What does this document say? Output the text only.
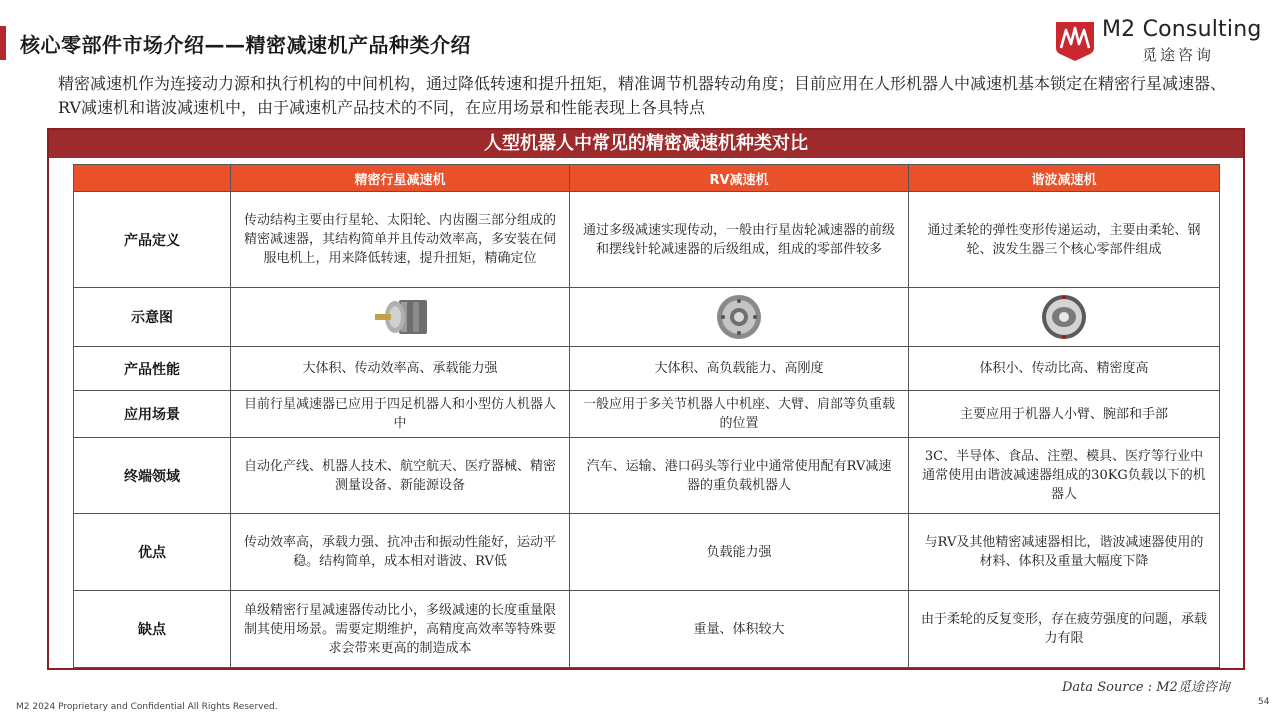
核心零部件市场介绍——精密减速机产品种类介绍
M2 Consulting
觅途咨询
精密减速机作为连接动力源和执行机构的中间机构，通过降低转速和提升扭矩，精准调节机器转动角度；目前应用在人形机器人中减速机基本锁定在精密行星减速器、RV减速机和谐波减速机中，由于减速机产品技术的不同，在应用场景和性能表现上各具特点
人型机器人中常见的精密减速机种类对比
	精密行星减速机	RV减速机	谐波减速机
产品定义	传动结构主要由行星轮、太阳轮、内齿圈三部分组成的精密减速器，其结构简单并且传动效率高，多安装在伺服电机上，用来降低转速，提升扭矩，精确定位	通过多级减速实现传动，一般由行星齿轮减速器的前级和摆线针轮减速器的后级组成，组成的零部件较多	通过柔轮的弹性变形传递运动，主要由柔轮、钢轮、波发生器三个核心零部件组成
示意图			
产品性能	大体积、传动效率高、承载能力强	大体积、高负载能力、高刚度	体积小、传动比高、精密度高
应用场景	目前行星减速器已应用于四足机器人和小型仿人机器人中	一般应用于多关节机器人中机座、大臂、肩部等负重载的位置	主要应用于机器人小臂、腕部和手部
终端领域	自动化产线、机器人技术、航空航天、医疗器械、精密测量设备、新能源设备	汽车、运输、港口码头等行业中通常使用配有RV减速器的重负载机器人	3C、半导体、食品、注塑、模具、医疗等行业中通常使用由谐波减速器组成的30KG负载以下的机器人
优点	传动效率高，承载力强、抗冲击和振动性能好，运动平稳。结构简单，成本相对谐波、RV低	负载能力强	与RV及其他精密减速器相比，谐波减速器使用的材料、体积及重量大幅度下降
缺点	单级精密行星减速器传动比小，多级减速的长度重量限制其使用场景。需要定期维护，高精度高效率等特殊要求会带来更高的制造成本	重量、体积较大	由于柔轮的反复变形，存在疲劳强度的问题，承载力有限
Data Source : M2觅途咨询
M2 2024 Proprietary and Confidential All Rights Reserved.	54
